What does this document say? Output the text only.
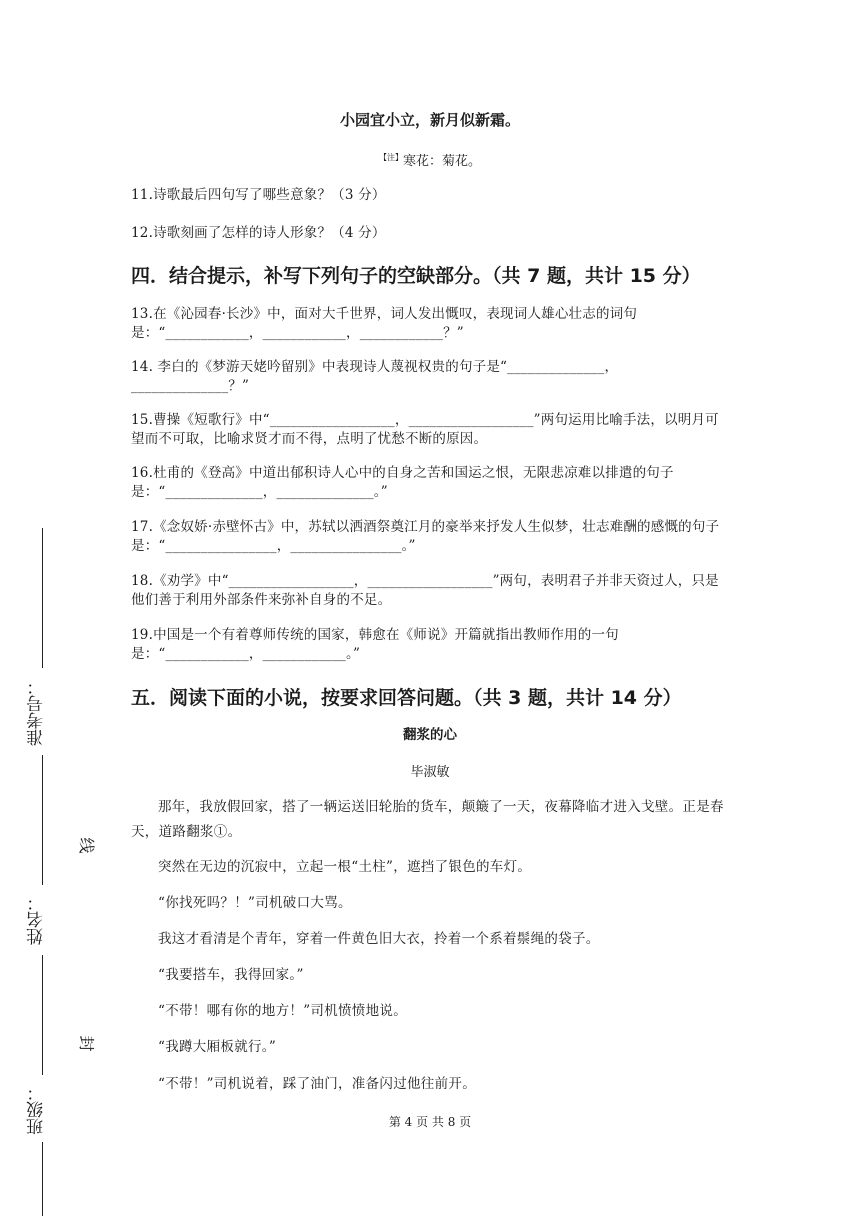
小园宜小立，新月似新霜。
$^{【注】}$寒花：菊花。
11.诗歌最后四句写了哪些意象？（3 分）
12.诗歌刻画了怎样的诗人形象？（4 分）
四．结合提示，补写下列句子的空缺部分。（共 7 题，共计 15 分）
13.在《沁园春·长沙》中，面对大千世界，词人发出慨叹，表现词人雄心壮志的词句是：“____________，____________，____________？”
14. 李白的《梦游天姥吟留别》中表现诗人蔑视权贵的句子是“______________，______________？”
15.曹操《短歌行》中“__________________，__________________”两句运用比喻手法，以明月可望而不可取，比喻求贤才而不得，点明了忧愁不断的原因。
16.杜甫的《登高》中道出郁积诗人心中的自身之苦和国运之恨，无限悲凉难以排遣的句子是：“______________，______________。”
17.《念奴娇·赤壁怀古》中，苏轼以洒酒祭奠江月的豪举来抒发人生似梦，壮志难酬的感慨的句子是：“________________，________________。”
18.《劝学》中“__________________，__________________”两句，表明君子并非天资过人，只是他们善于利用外部条件来弥补自身的不足。
19.中国是一个有着尊师传统的国家，韩愈在《师说》开篇就指出教师作用的一句是：“____________，____________。”
五．阅读下面的小说，按要求回答问题。（共 3 题，共计 14 分）
翻浆的心
毕淑敏
那年，我放假回家，搭了一辆运送旧轮胎的货车，颠簸了一天，夜幕降临才进入戈壁。正是春天，道路翻浆①。
突然在无边的沉寂中，立起一根“土柱”，遮挡了银色的车灯。
“你找死吗？！”司机破口大骂。
我这才看清是个青年，穿着一件黄色旧大衣，拎着一个系着鬃绳的袋子。
“我要搭车，我得回家。”
“不带！哪有你的地方！”司机愤愤地说。
“我蹲大厢板就行。”
“不带！”司机说着，踩了油门，准备闪过他往前开。
第 4 页 共 8 页
准考号：
姓名：
班级：
线
封
